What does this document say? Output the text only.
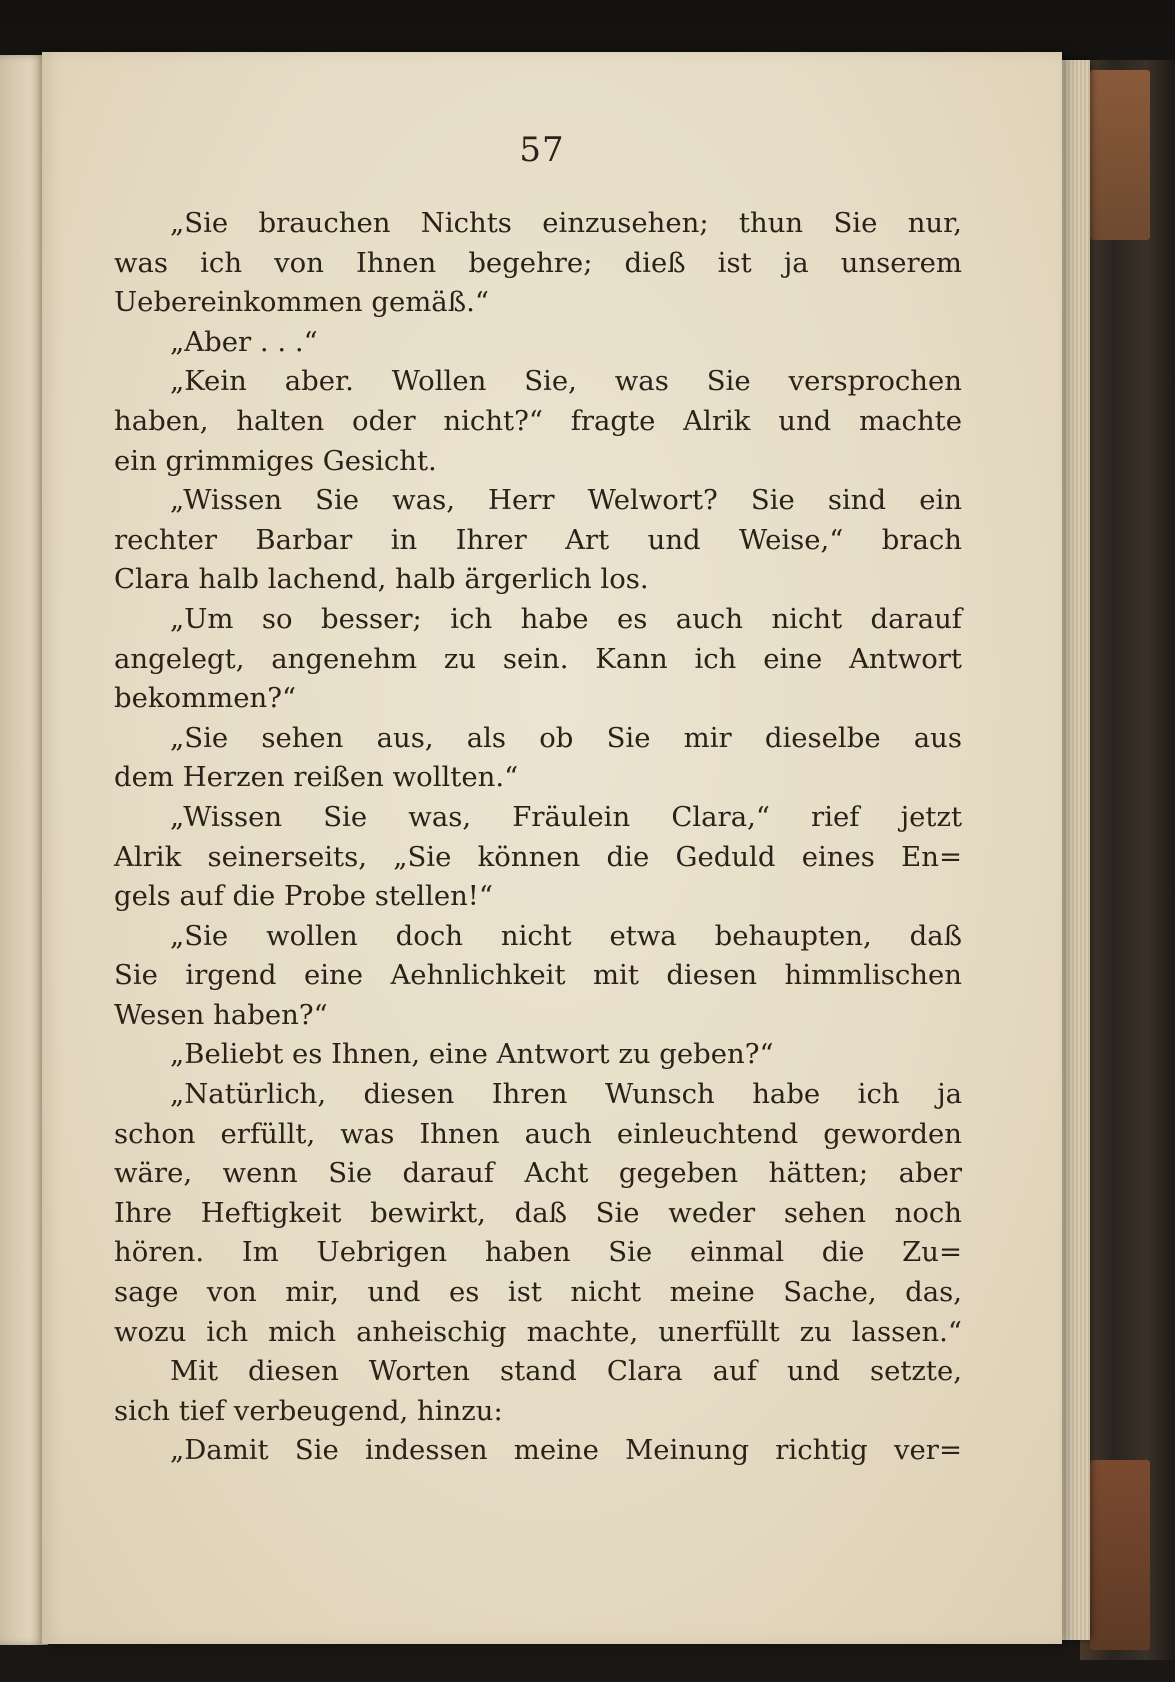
57
„Sie brauchen Nichts einzusehen; thun Sie nur,
was ich von Ihnen begehre; dieß ist ja unserem
Uebereinkommen gemäß.“
„Aber . . .“
„Kein aber. Wollen Sie, was Sie versprochen
haben, halten oder nicht?“ fragte Alrik und machte
ein grimmiges Gesicht.
„Wissen Sie was, Herr Welwort? Sie sind ein
rechter Barbar in Ihrer Art und Weise,“ brach
Clara halb lachend, halb ärgerlich los.
„Um so besser; ich habe es auch nicht darauf
angelegt, angenehm zu sein. Kann ich eine Antwort
bekommen?“
„Sie sehen aus, als ob Sie mir dieselbe aus
dem Herzen reißen wollten.“
„Wissen Sie was, Fräulein Clara,“ rief jetzt
Alrik seinerseits, „Sie können die Geduld eines En=
gels auf die Probe stellen!“
„Sie wollen doch nicht etwa behaupten, daß
Sie irgend eine Aehnlichkeit mit diesen himmlischen
Wesen haben?“
„Beliebt es Ihnen, eine Antwort zu geben?“
„Natürlich, diesen Ihren Wunsch habe ich ja
schon erfüllt, was Ihnen auch einleuchtend geworden
wäre, wenn Sie darauf Acht gegeben hätten; aber
Ihre Heftigkeit bewirkt, daß Sie weder sehen noch
hören. Im Uebrigen haben Sie einmal die Zu=
sage von mir, und es ist nicht meine Sache, das,
wozu ich mich anheischig machte, unerfüllt zu lassen.“
Mit diesen Worten stand Clara auf und setzte,
sich tief verbeugend, hinzu:
„Damit Sie indessen meine Meinung richtig ver=
